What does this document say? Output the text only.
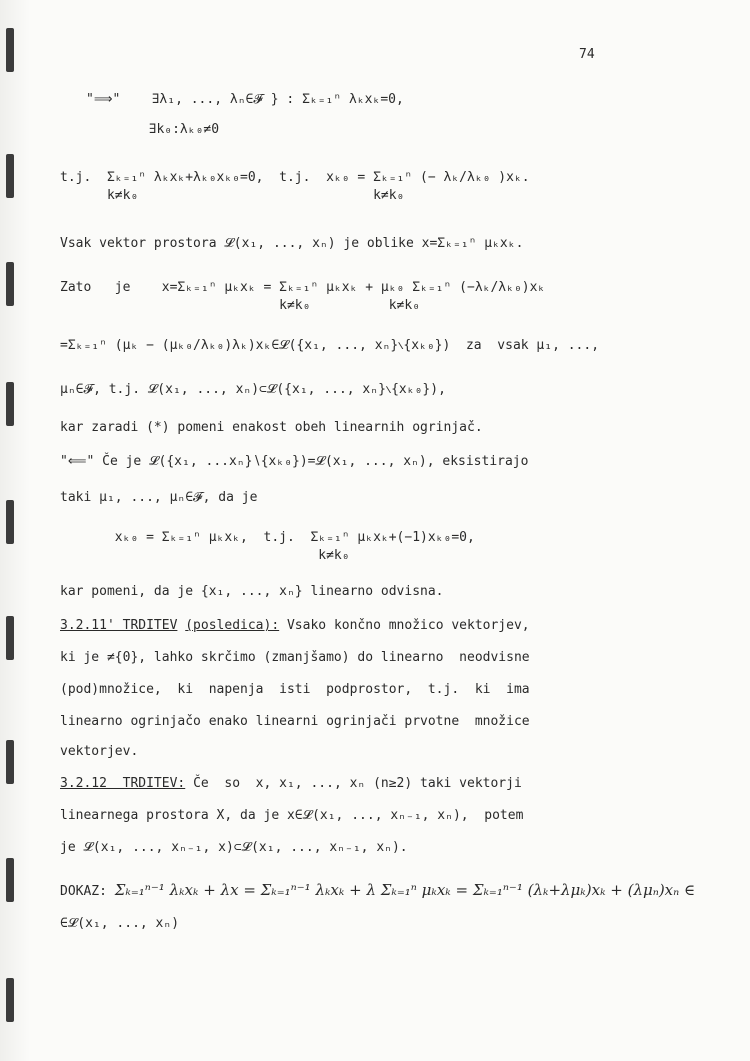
74
"⟹"    ∃λ₁, ..., λₙ∈𝓕 } : Σₖ₌₁ⁿ λₖxₖ=0,
∃k₀:λₖ₀≠0
t.j.  Σₖ₌₁ⁿ λₖxₖ+λₖ₀xₖ₀=0,  t.j.  xₖ₀ = Σₖ₌₁ⁿ (− λₖ/λₖ₀ )xₖ.
k≠k₀                              k≠k₀
Vsak vektor prostora 𝓛(x₁, ..., xₙ) je oblike x=Σₖ₌₁ⁿ μₖxₖ.
Zato   je    x=Σₖ₌₁ⁿ μₖxₖ = Σₖ₌₁ⁿ μₖxₖ + μₖ₀ Σₖ₌₁ⁿ (−λₖ/λₖ₀)xₖ
k≠k₀          k≠k₀
=Σₖ₌₁ⁿ (μₖ − (μₖ₀/λₖ₀)λₖ)xₖ∈𝓛({x₁, ..., xₙ}∖{xₖ₀})  za  vsak μ₁, ...,
μₙ∈𝓕, t.j. 𝓛(x₁, ..., xₙ)⊂𝓛({x₁, ..., xₙ}∖{xₖ₀}),
kar zaradi (*) pomeni enakost obeh linearnih ogrinjač.
"⟸" Če je 𝓛({x₁, ...xₙ}∖{xₖ₀})=𝓛(x₁, ..., xₙ), eksistirajo
taki μ₁, ..., μₙ∈𝓕, da je
xₖ₀ = Σₖ₌₁ⁿ μₖxₖ,  t.j.  Σₖ₌₁ⁿ μₖxₖ+(−1)xₖ₀=0,
k≠k₀
kar pomeni, da je {x₁, ..., xₙ} linearno odvisna.
3.2.11' TRDITEV (posledica): Vsako končno množico vektorjev,
ki je ≠{0}, lahko skrčimo (zmanjšamo) do linearno  neodvisne
(pod)množice,  ki  napenja  isti  podprostor,  t.j.  ki  ima
linearno ogrinjačo enako linearni ogrinjači prvotne  množice
vektorjev.
3.2.12  TRDITEV: Če  so  x, x₁, ..., xₙ (n≥2) taki vektorji
linearnega prostora X, da je x∈𝓛(x₁, ..., xₙ₋₁, xₙ),  potem
je 𝓛(x₁, ..., xₙ₋₁, x)⊂𝓛(x₁, ..., xₙ₋₁, xₙ).
DOKAZ: Σₖ₌₁ⁿ⁻¹ λₖxₖ + λx = Σₖ₌₁ⁿ⁻¹ λₖxₖ + λ Σₖ₌₁ⁿ μₖxₖ = Σₖ₌₁ⁿ⁻¹ (λₖ+λμₖ)xₖ + (λμₙ)xₙ ∈
∈𝓛(x₁, ..., xₙ)
